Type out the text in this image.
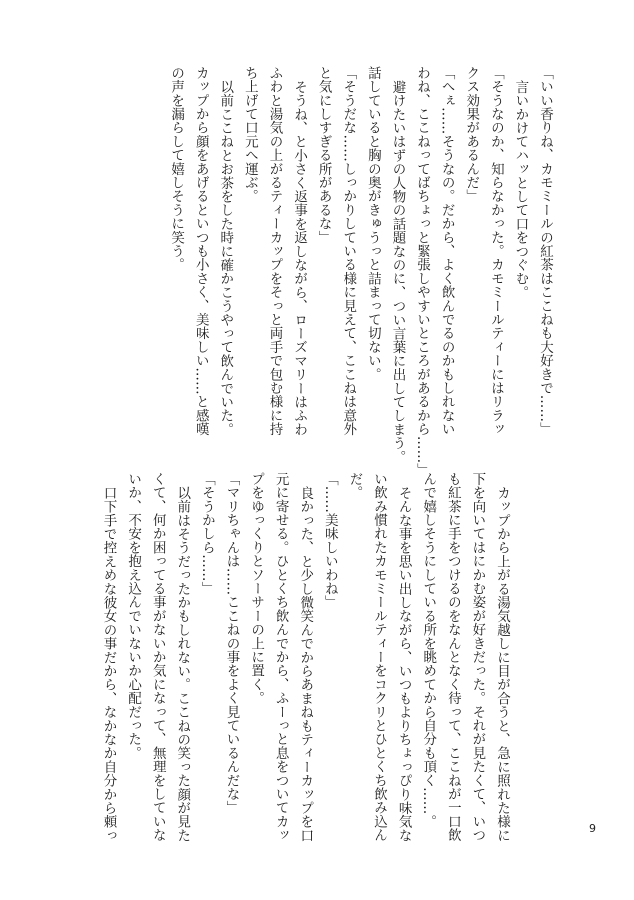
「いい香りね、カモミールの紅茶はここねも大好きで……」
言いかけてハッとして口をつぐむ。
「そうなのか、知らなかった。カモミールティーにはリラッ
クス効果があるんだ」
「へぇ……そうなの。だから、よく飲んでるのかもしれない
わね、ここねってばちょっと緊張しやすいところがあるから……」
避けたいはずの人物の話題なのに、つい言葉に出してしまう。
話していると胸の奥がきゅうっと詰まって切ない。
「そうだな……しっかりしている様に見えて、ここねは意外
と気にしすぎる所があるな」
そうね、と小さく返事を返しながら、ローズマリーはふわ
ふわと湯気の上がるティーカップをそっと両手で包む様に持
ち上げて口元へ運ぶ。
以前ここねとお茶をした時に確かこうやって飲んでいた。
カップから顔をあげるといつも小さく、美味しい……と感嘆
の声を漏らして嬉しそうに笑う。
カップから上がる湯気越しに目が合うと、急に照れた様に
下を向いてはにかむ姿が好きだった。それが見たくて、いつ
も紅茶に手をつけるのをなんとなく待って、ここねが一口飲
んで嬉しそうにしている所を眺めてから自分も頂く……。
そんな事を思い出しながら、いつもよりちょっぴり味気な
い飲み慣れたカモミールティーをコクリとひとくち飲み込ん
だ。
「……美味しいわね」
良かった、と少し微笑んでからあまねもティーカップを口
元に寄せる。ひとくち飲んでから、ふーっと息をついてカッ
プをゆっくりとソーサーの上に置く。
「マリちゃんは……ここねの事をよく見ているんだな」
「そうかしら……」
以前はそうだったかもしれない。ここねの笑った顔が見た
くて、何か困ってる事がないか気になって、無理をしていな
いか、不安を抱え込んでいないか心配だった。
口下手で控えめな彼女の事だから、なかなか自分から頼っ	9
